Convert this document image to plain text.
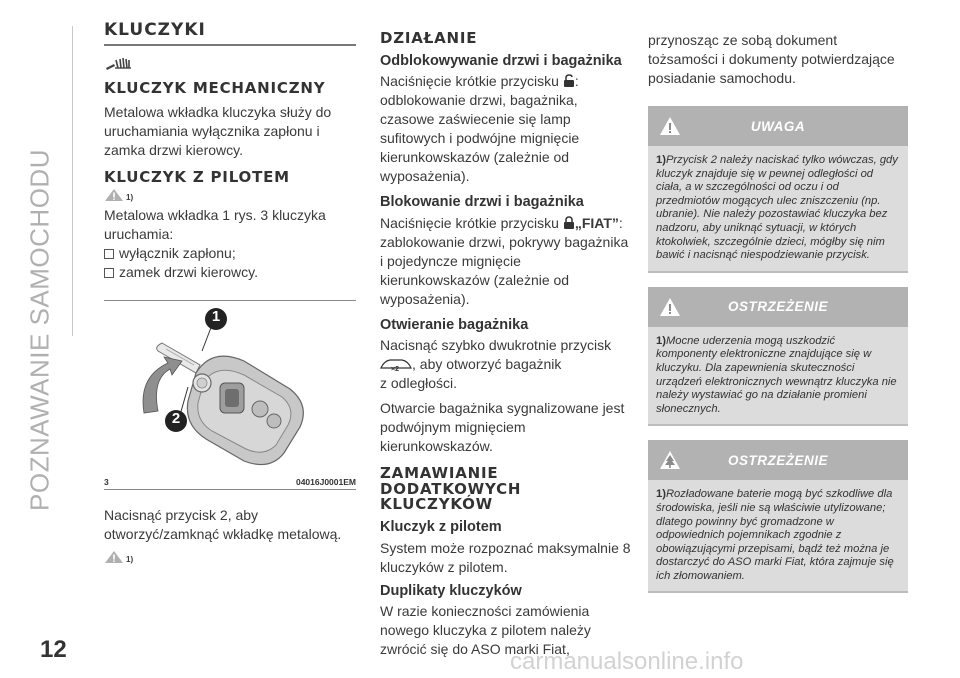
POZNAWANIE SAMOCHODU
12	carmanualsonline.info
KLUCZYKI
KLUCZYK MECHANICZNY

Metalowa wkładka kluczyka służy do uruchamiania wyłącznika zapłonu i zamka drzwi kierowcy.

KLUCZYK Z PILOTEM
1)

Metalowa wkładka 1 rys. 3 kluczyka uruchamia:

wyłącznik zapłonu;
zamek drzwi kierowcy.
1
2
3	04016J0001EM

Nacisnąć przycisk 2, aby otworzyć/zamknąć wkładkę metalową.

1)
DZIAŁANIE
Odblokowywanie drzwi i bagażnika

Naciśnięcie krótkie przycisku :
odblokowanie drzwi, bagażnika, czasowe zaświecenie się lamp sufitowych i podwójne mignięcie kierunkowskazów (zależnie od wyposażenia).

Blokowanie drzwi i bagażnika

Naciśnięcie krótkie przycisku „FIAT”:
zablokowanie drzwi, pokrywy bagażnika i pojedyncze mignięcie kierunkowskazów (zależnie od wyposażenia).

Otwieranie bagażnika

Nacisnąć szybko dwukrotnie przycisk

×2 , aby otworzyć bagażnik
z odległości.

Otwarcie bagażnika sygnalizowane jest podwójnym mignięciem kierunkowskazów.

ZAMAWIANIE DODATKOWYCH KLUCZYKÓW
Kluczyk z pilotem

System może rozpoznać maksymalnie 8 kluczyków z pilotem.

Duplikaty kluczyków

W razie konieczności zamówienia nowego kluczyka z pilotem należy zwrócić się do ASO marki Fiat,

przynosząc ze sobą dokument tożsamości i dokumenty potwierdzające posiadanie samochodu.

UWAGA
1)Przycisk 2 należy naciskać tylko wówczas, gdy kluczyk znajduje się w pewnej odległości od ciała, a w szczególności od oczu i od przedmiotów mogących ulec zniszczeniu (np. ubranie). Nie należy pozostawiać kluczyka bez nadzoru, aby uniknąć sytuacji, w których ktokolwiek, szczególnie dzieci, mógłby się nim bawić i nacisnąć niespodziewanie przycisk.
OSTRZEŻENIE
1)Mocne uderzenia mogą uszkodzić komponenty elektroniczne znajdujące się w kluczyku. Dla zapewnienia skuteczności urządzeń elektronicznych wewnątrz kluczyka nie należy wystawiać go na działanie promieni słonecznych.
OSTRZEŻENIE
1)Rozładowane baterie mogą być szkodliwe dla środowiska, jeśli nie są właściwie utylizowane; dlatego powinny być gromadzone w odpowiednich pojemnikach zgodnie z obowiązującymi przepisami, bądź też można je dostarczyć do ASO marki Fiat, która zajmuje się ich złomowaniem.
